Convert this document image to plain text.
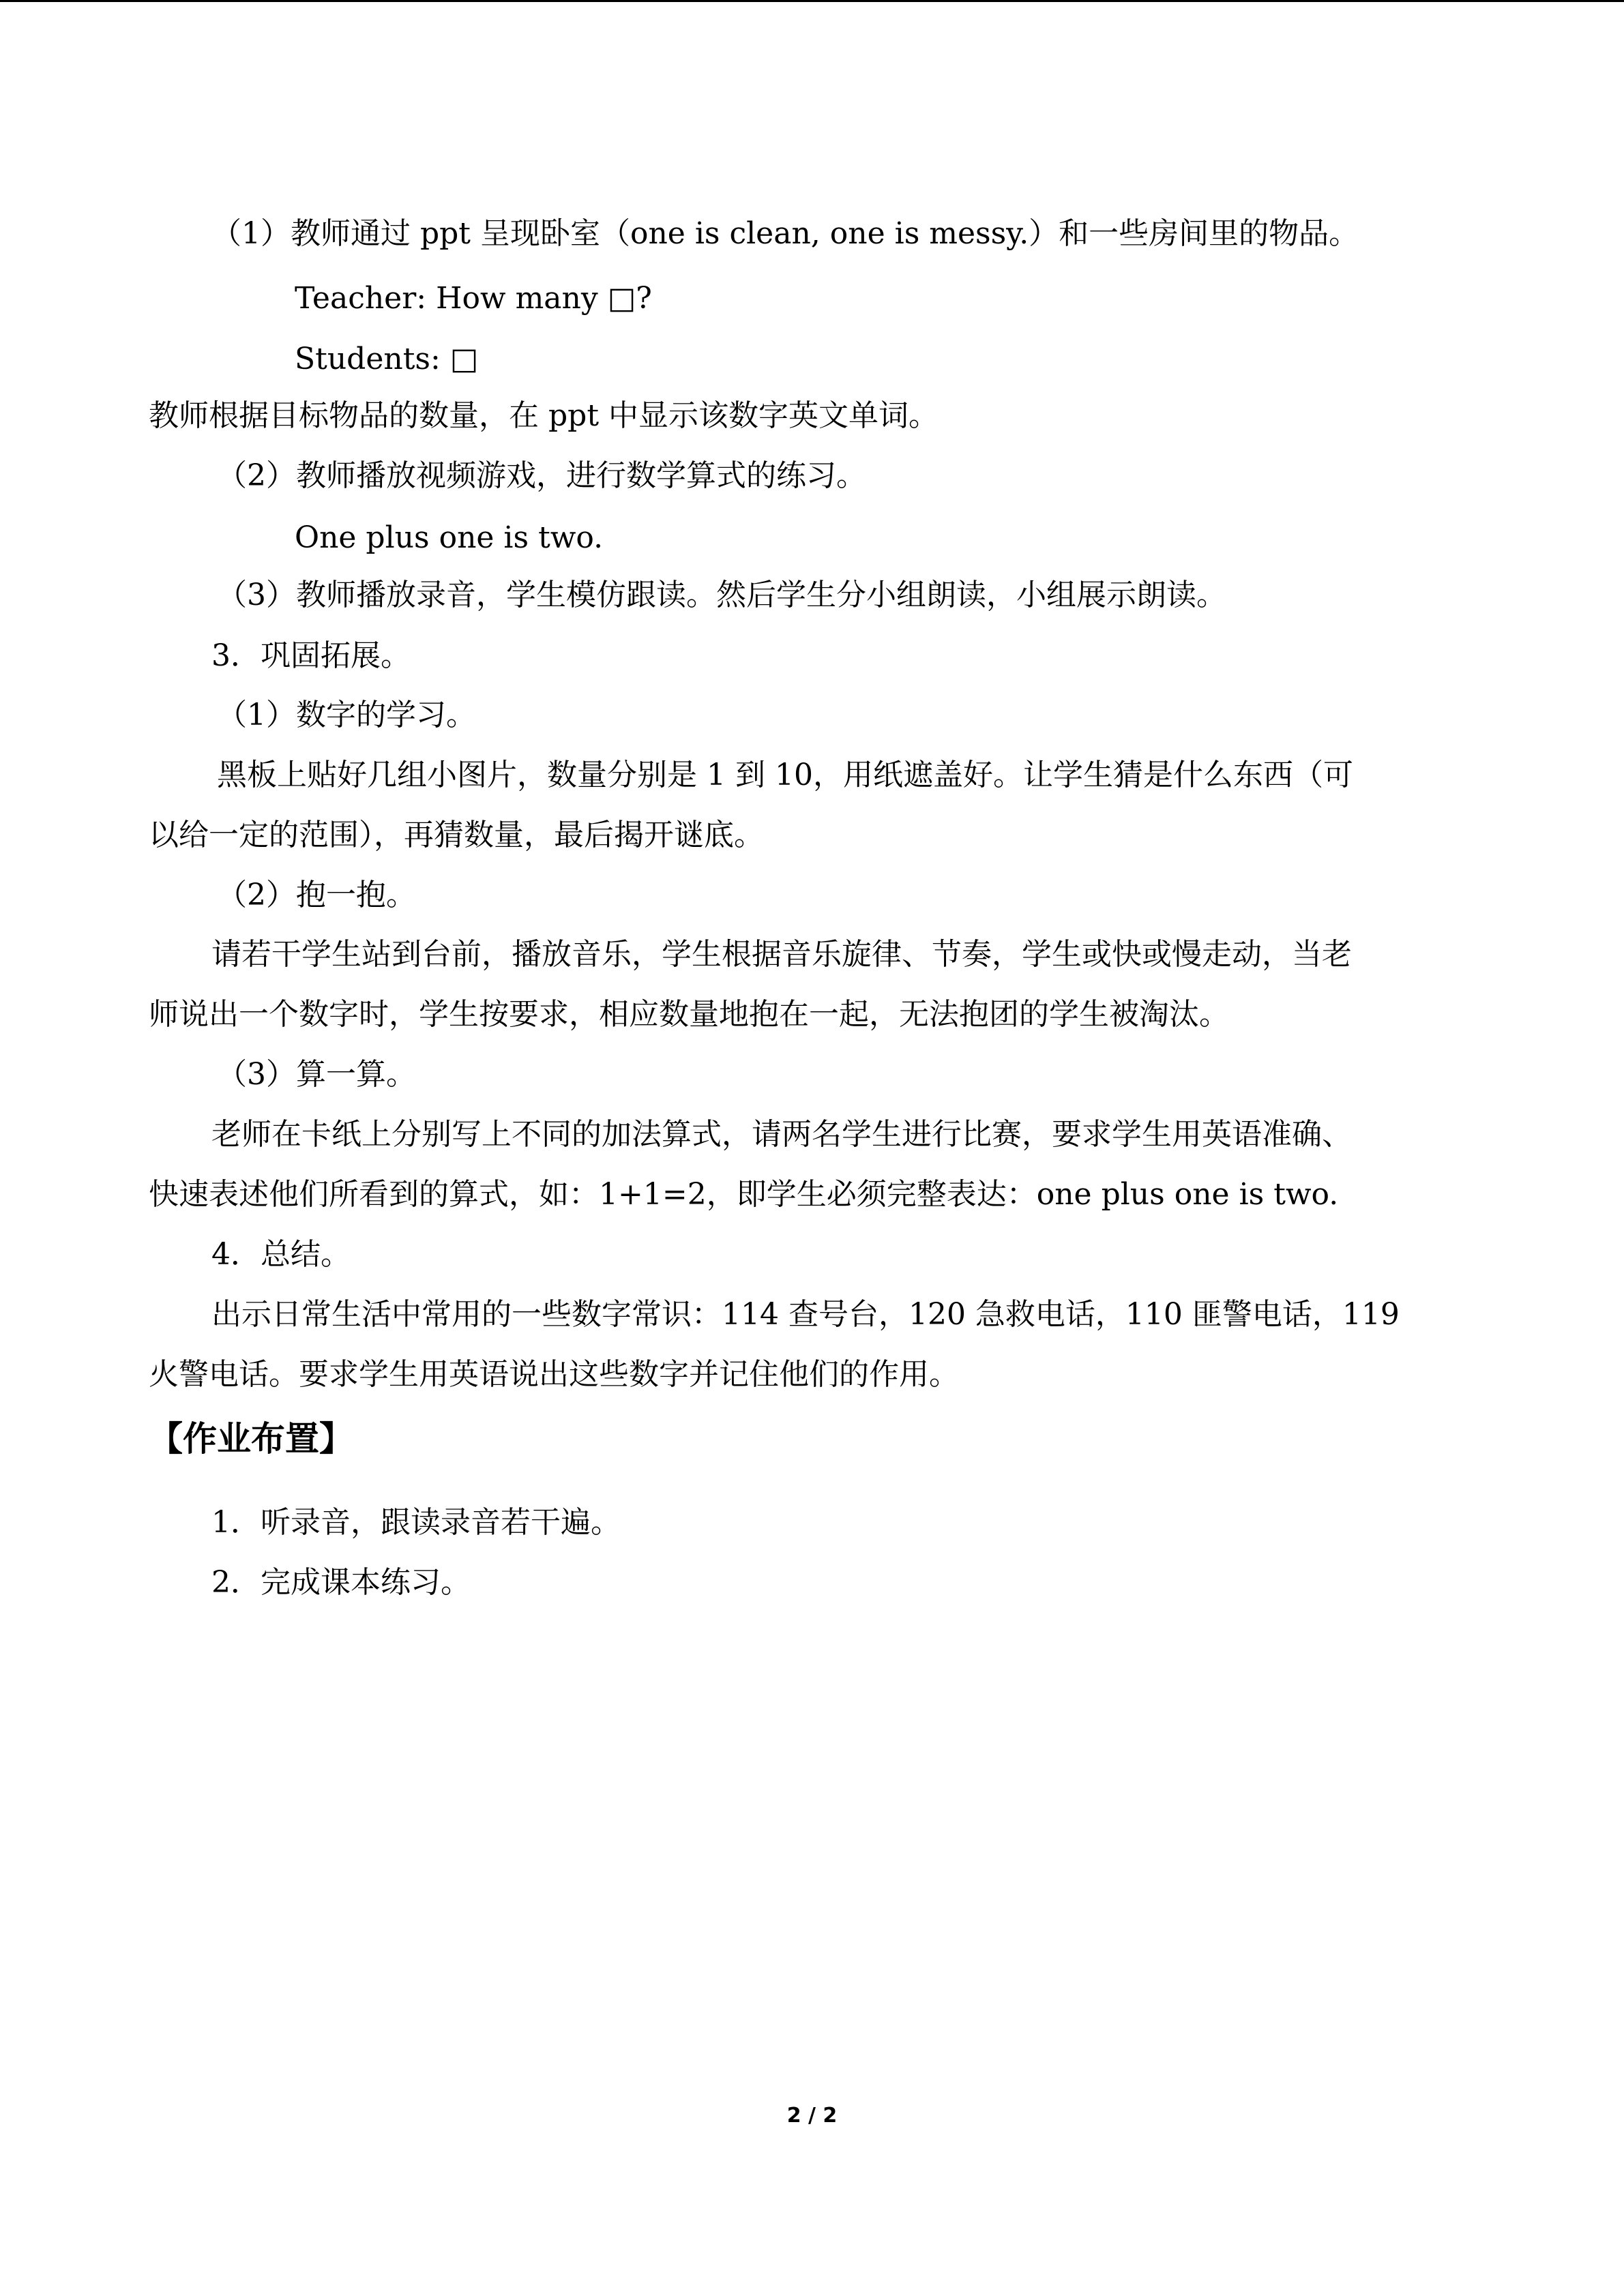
（1）教师通过 ppt 呈现卧室（one is clean, one is messy.）和一些房间里的物品。
Teacher: How many □?
Students: □
教师根据目标物品的数量，在 ppt 中显示该数字英文单词。
（2）教师播放视频游戏，进行数学算式的练习。
One plus one is two.
（3）教师播放录音，学生模仿跟读。然后学生分小组朗读，小组展示朗读。
3．巩固拓展。
（1）数字的学习。
黑板上贴好几组小图片，数量分别是 1 到 10，用纸遮盖好。让学生猜是什么东西（可
以给一定的范围），再猜数量，最后揭开谜底。
（2）抱一抱。
请若干学生站到台前，播放音乐，学生根据音乐旋律、节奏，学生或快或慢走动，当老
师说出一个数字时，学生按要求，相应数量地抱在一起，无法抱团的学生被淘汰。
（3）算一算。
老师在卡纸上分别写上不同的加法算式，请两名学生进行比赛，要求学生用英语准确、
快速表述他们所看到的算式，如：1+1=2，即学生必须完整表达：one plus one is two.
4．总结。
出示日常生活中常用的一些数字常识：114 查号台，120 急救电话，110 匪警电话，119
火警电话。要求学生用英语说出这些数字并记住他们的作用。
【作业布置】
1．听录音，跟读录音若干遍。
2．完成课本练习。
2 / 2
